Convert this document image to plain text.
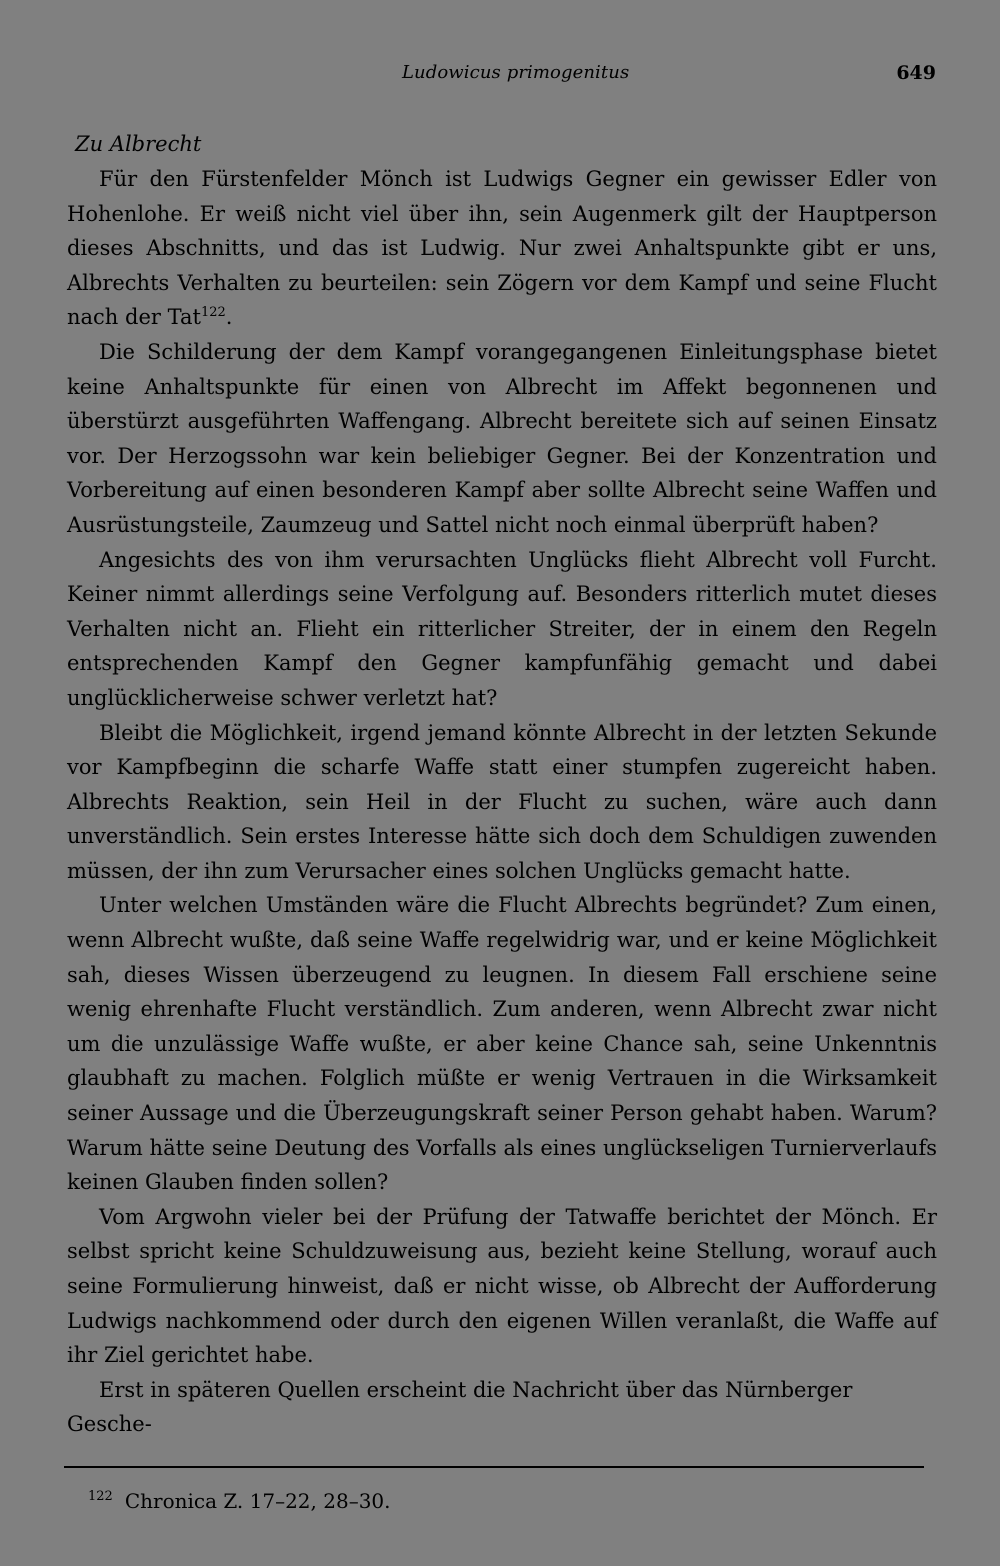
Ludowicus primogenitus	649
Zu Albrecht

Für den Fürstenfelder Mönch ist Ludwigs Gegner ein gewisser Edler von Hohenlohe. Er weiß nicht viel über ihn, sein Augenmerk gilt der Hauptperson dieses Abschnitts, und das ist Ludwig. Nur zwei Anhaltspunkte gibt er uns, Albrechts Verhalten zu beurteilen: sein Zögern vor dem Kampf und seine Flucht nach der Tat$^{122}$.

Die Schilderung der dem Kampf vorangegangenen Einleitungsphase bietet keine Anhaltspunkte für einen von Albrecht im Affekt begonnenen und überstürzt ausgeführten Waffengang. Albrecht bereitete sich auf seinen Einsatz vor. Der Herzogssohn war kein beliebiger Gegner. Bei der Konzentration und Vorbereitung auf einen besonderen Kampf aber sollte Albrecht seine Waffen und Ausrüstungsteile, Zaumzeug und Sattel nicht noch einmal überprüft haben?

Angesichts des von ihm verursachten Unglücks flieht Albrecht voll Furcht. Keiner nimmt allerdings seine Verfolgung auf. Besonders ritterlich mutet dieses Verhalten nicht an. Flieht ein ritterlicher Streiter, der in einem den Regeln entsprechenden Kampf den Gegner kampfunfähig gemacht und dabei unglücklicherweise schwer verletzt hat?

Bleibt die Möglichkeit, irgend jemand könnte Albrecht in der letzten Sekunde vor Kampfbeginn die scharfe Waffe statt einer stumpfen zugereicht haben. Albrechts Reaktion, sein Heil in der Flucht zu suchen, wäre auch dann unverständlich. Sein erstes Interesse hätte sich doch dem Schuldigen zuwenden müssen, der ihn zum Verursacher eines solchen Unglücks gemacht hatte.

Unter welchen Umständen wäre die Flucht Albrechts begründet? Zum einen, wenn Albrecht wußte, daß seine Waffe regelwidrig war, und er keine Möglichkeit sah, dieses Wissen überzeugend zu leugnen. In diesem Fall erschiene seine wenig ehrenhafte Flucht verständlich. Zum anderen, wenn Albrecht zwar nicht um die unzulässige Waffe wußte, er aber keine Chance sah, seine Unkenntnis glaubhaft zu machen. Folglich müßte er wenig Vertrauen in die Wirksamkeit seiner Aussage und die Überzeugungskraft seiner Person gehabt haben. Warum? Warum hätte seine Deutung des Vorfalls als eines unglückseligen Turnierverlaufs keinen Glauben finden sollen?

Vom Argwohn vieler bei der Prüfung der Tatwaffe berichtet der Mönch. Er selbst spricht keine Schuldzuweisung aus, bezieht keine Stellung, worauf auch seine Formulierung hinweist, daß er nicht wisse, ob Albrecht der Aufforderung Ludwigs nachkommend oder durch den eigenen Willen veranlaßt, die Waffe auf ihr Ziel gerichtet habe.

Erst in späteren Quellen erscheint die Nachricht über das Nürnberger Gesche-

$^{122}$ Chronica Z. 17–22, 28–30.
